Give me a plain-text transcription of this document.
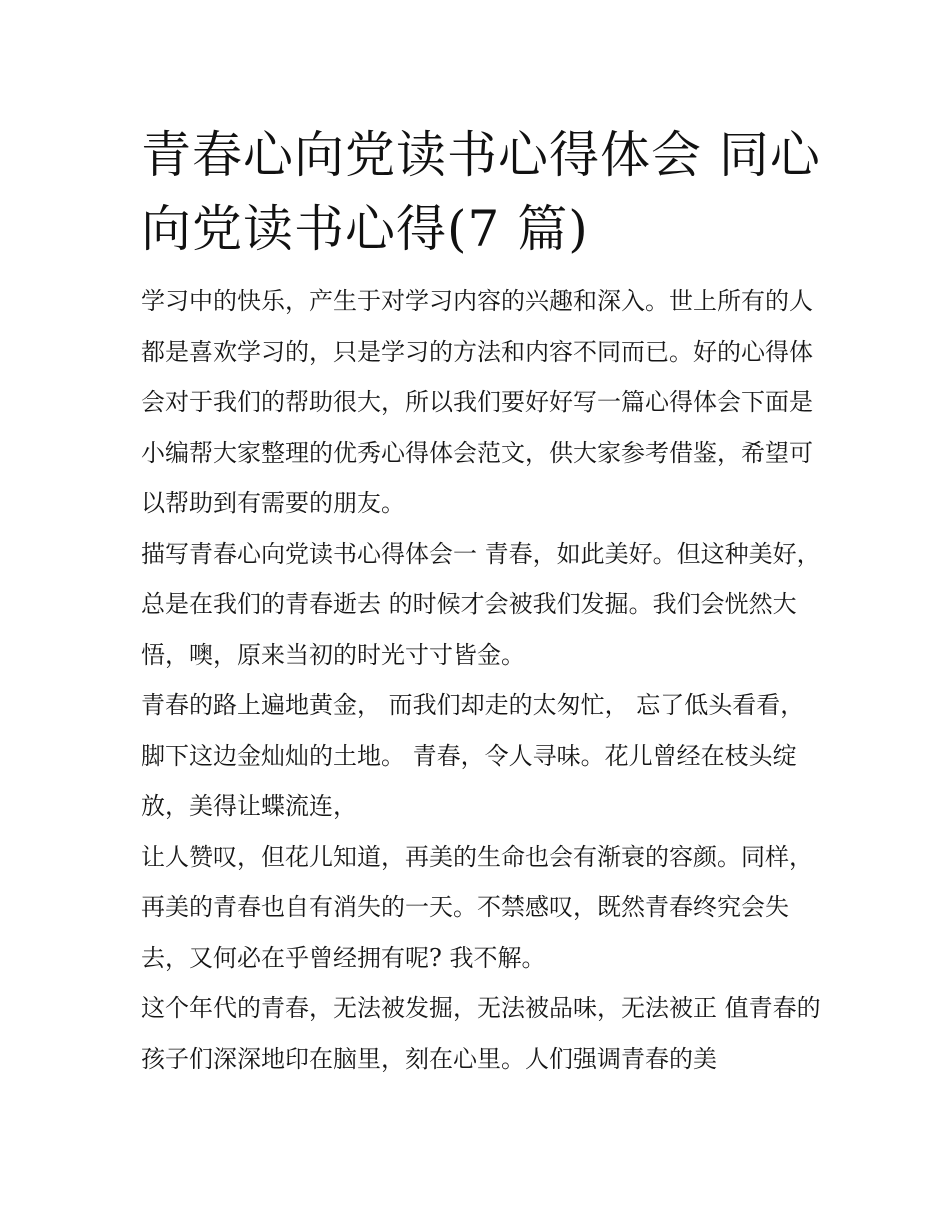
青春心向党读书心得体会 同心向党读书心得(7 篇)

学习中的快乐，产生于对学习内容的兴趣和深入。世上所有的人都是喜欢学习的，只是学习的方法和内容不同而已。好的心得体会对于我们的帮助很大，所以我们要好好写一篇心得体会下面是小编帮大家整理的优秀心得体会范文，供大家参考借鉴，希望可以帮助到有需要的朋友。

描写青春心向党读书心得体会一 青春，如此美好。但这种美好，总是在我们的青春逝去 的时候才会被我们发掘。我们会恍然大悟，噢，原来当初的时光寸寸皆金。

青春的路上遍地黄金， 而我们却走的太匆忙， 忘了低头看看，脚下这边金灿灿的土地。 青春，令人寻味。花儿曾经在枝头绽放，美得让蝶流连，

让人赞叹，但花儿知道，再美的生命也会有渐衰的容颜。同样，再美的青春也自有消失的一天。不禁感叹，既然青春终究会失去，又何必在乎曾经拥有呢? 我不解。

这个年代的青春，无法被发掘，无法被品味，无法被正 值青春的孩子们深深地印在脑里，刻在心里。人们强调青春的美
